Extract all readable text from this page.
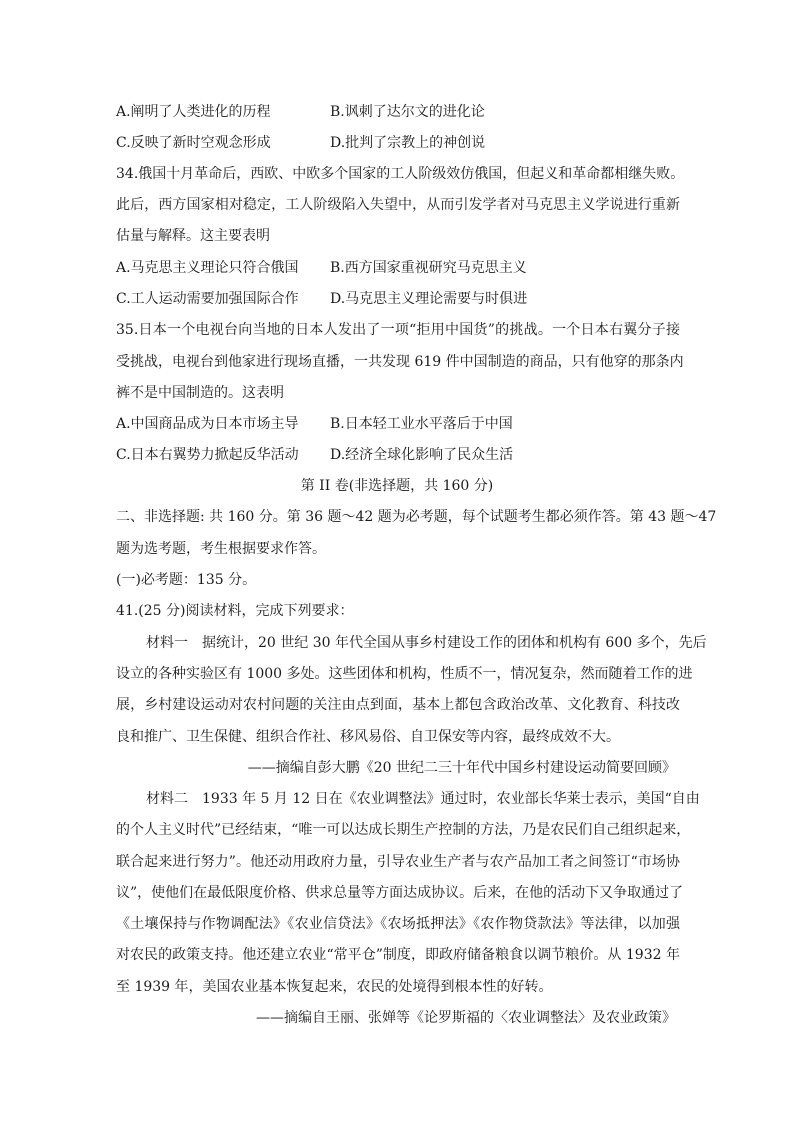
A.阐明了人类进化的历程	B.讽刺了达尔文的进化论
C.反映了新时空观念形成	D.批判了宗教上的神创说
34.俄国十月革命后，西欧、中欧多个国家的工人阶级效仿俄国，但起义和革命都相继失败。
此后，西方国家相对稳定，工人阶级陷入失望中，从而引发学者对马克思主义学说进行重新
估量与解释。这主要表明
A.马克思主义理论只符合俄国 B.西方国家重视研究马克思主义
C.工人运动需要加强国际合作 D.马克思主义理论需要与时俱进
35.日本一个电视台向当地的日本人发出了一项“拒用中国货”的挑战。一个日本右翼分子接
受挑战，电视台到他家进行现场直播，一共发现 619 件中国制造的商品，只有他穿的那条内
裤不是中国制造的。这表明
A.中国商品成为日本市场主导 B.日本轻工业水平落后于中国
C.日本右翼势力掀起反华活动 D.经济全球化影响了民众生活
第 II 卷(非选择题，共 160 分)
二、非选择题: 共 160 分。第 36 题～42 题为必考题，每个试题考生都必须作答。第 43 题～47
题为选考题，考生根据要求作答。
(一)必考题：135 分。
41.(25 分)阅读材料，完成下列要求：
材料一　据统计，20 世纪 30 年代全国从事乡村建设工作的团体和机构有 600 多个，先后
设立的各种实验区有 1000 多处。这些团体和机构，性质不一，情况复杂，然而随着工作的进
展，乡村建设运动对农村问题的关注由点到面，基本上都包含政治改革、文化教育、科技改
良和推广、卫生保健、组织合作社、移风易俗、自卫保安等内容，最终成效不大。
——摘编自彭大鹏《20 世纪二三十年代中国乡村建设运动简要回顾》
材料二　1933 年 5 月 12 日在《农业调整法》通过时，农业部长华莱士表示，美国“自由
的个人主义时代”已经结束，“唯一可以达成长期生产控制的方法，乃是农民们自己组织起来，
联合起来进行努力”。他还动用政府力量，引导农业生产者与农产品加工者之间签订“市场协
议”，使他们在最低限度价格、供求总量等方面达成协议。后来，在他的活动下又争取通过了
《土壤保持与作物调配法》《农业信贷法》《农场抵押法》《农作物贷款法》等法律，以加强
对农民的政策支持。他还建立农业“常平仓”制度，即政府储备粮食以调节粮价。从 1932 年
至 1939 年，美国农业基本恢复起来，农民的处境得到根本性的好转。
——摘编自王丽、张婵等《论罗斯福的〈农业调整法〉及农业政策》
